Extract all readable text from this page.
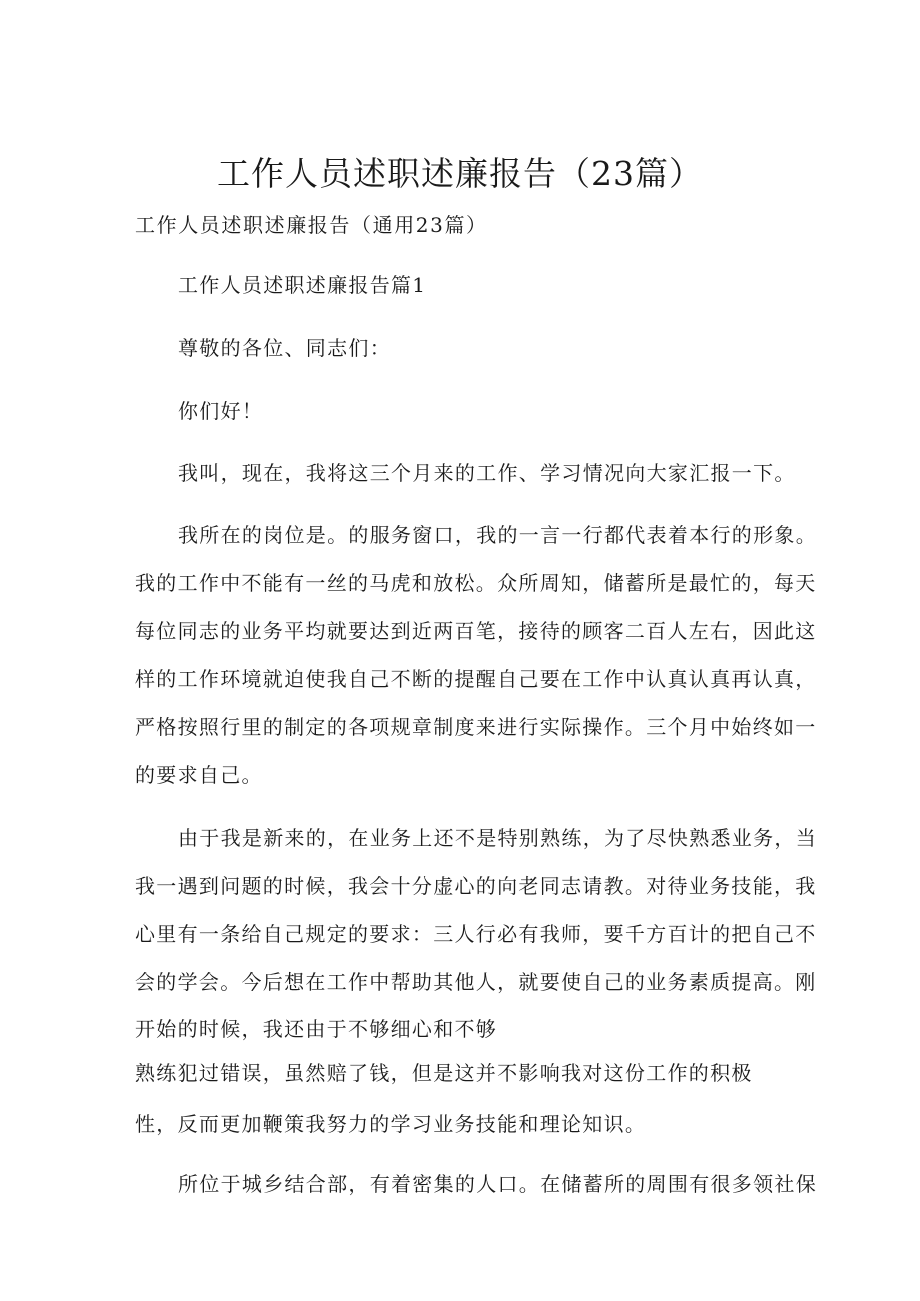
工作人员述职述廉报告（23篇）
工作人员述职述廉报告（通用23篇）
工作人员述职述廉报告篇1
尊敬的各位、同志们：
你们好！
我叫，现在，我将这三个月来的工作、学习情况向大家汇报一下。
我所在的岗位是。的服务窗口，我的一言一行都代表着本行的形象。
我的工作中不能有一丝的马虎和放松。众所周知，储蓄所是最忙的，每天
每位同志的业务平均就要达到近两百笔，接待的顾客二百人左右，因此这
样的工作环境就迫使我自己不断的提醒自己要在工作中认真认真再认真，
严格按照行里的制定的各项规章制度来进行实际操作。三个月中始终如一
的要求自己。
由于我是新来的，在业务上还不是特别熟练，为了尽快熟悉业务，当
我一遇到问题的时候，我会十分虚心的向老同志请教。对待业务技能，我
心里有一条给自己规定的要求：三人行必有我师，要千方百计的把自己不
会的学会。今后想在工作中帮助其他人，就要使自己的业务素质提高。刚
开始的时候，我还由于不够细心和不够
熟练犯过错误，虽然赔了钱，但是这并不影响我对这份工作的积极
性，反而更加鞭策我努力的学习业务技能和理论知识。
所位于城乡结合部，有着密集的人口。在储蓄所的周围有很多领社保
